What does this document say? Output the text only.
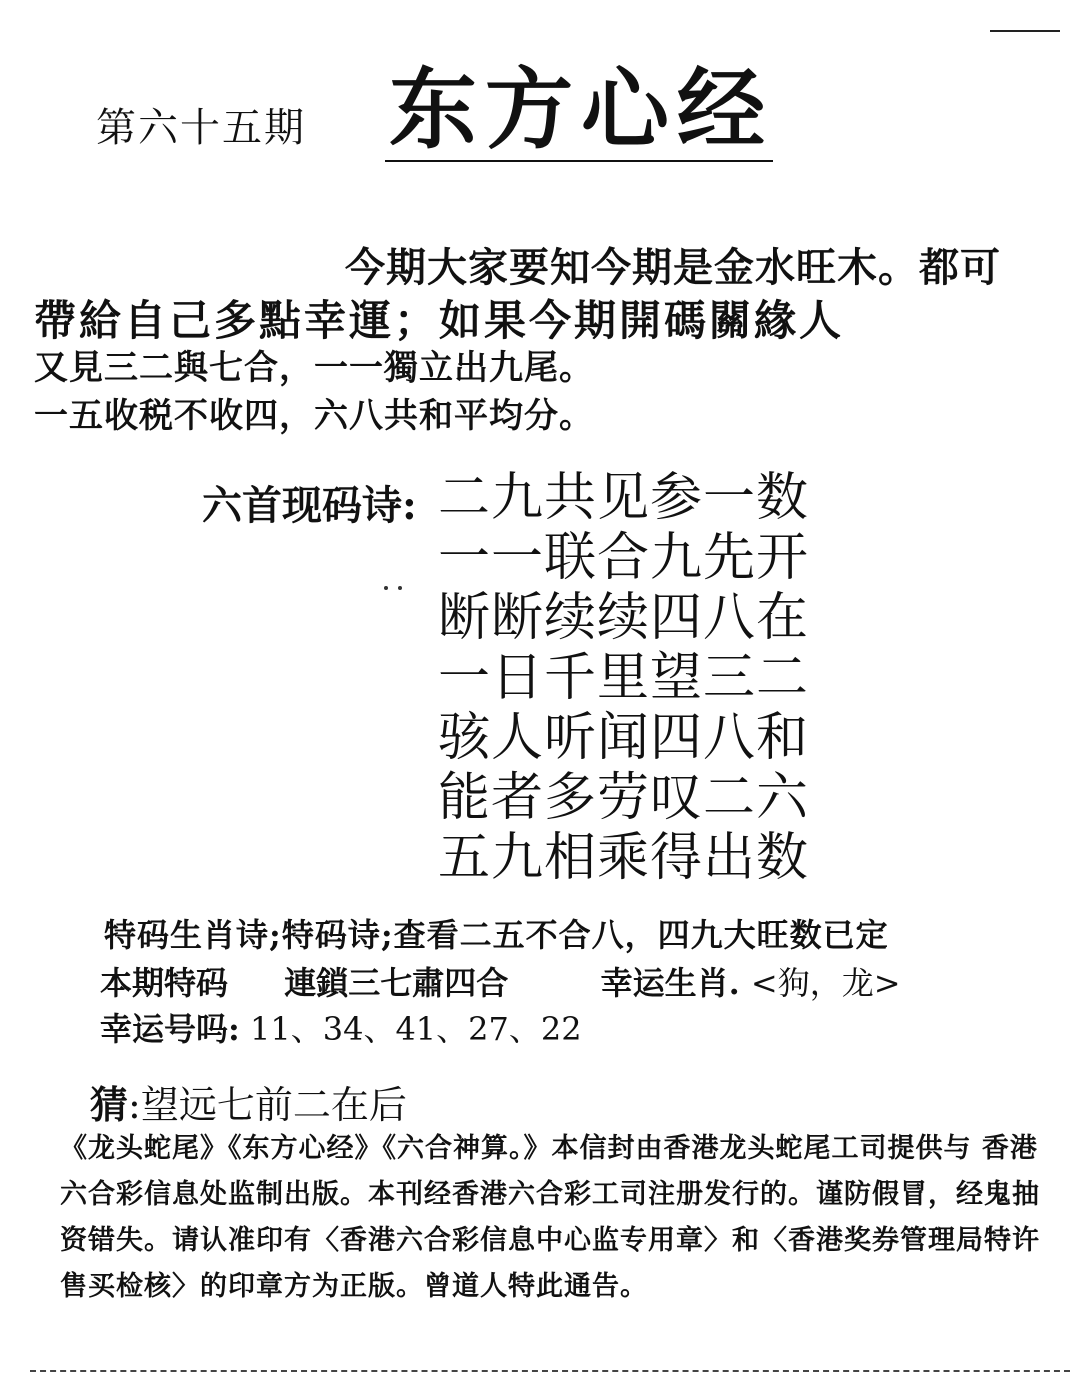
第六十五期 东方心经
今期大家要知今期是金水旺木。都可
帶給自己多點幸運；如果今期開碼關緣人
又見三二與七合，一一獨立出九尾。
一五收税不收四，六八共和平均分。
六首现码诗: 二九共见参一数
一一联合九先开
断断续续四八在
一日千里望三二
骇人听闻四八和
能者多劳叹二六
五九相乘得出数
特码生肖诗;特码诗;查看二五不合八，四九大旺数已定
本期特码 連鎖三七肅四合	幸运生肖. <狗，龙>
幸运号吗: 11、34、41、27、22
猜:望远七前二在后
《龙头蛇尾》《东方心经》《六合神算。》本信封由香港龙头蛇尾工司提供与 香港六合彩信息处监制出版。本刊经香港六合彩工司注册发行的。谨防假冒，经鬼抽资错失。请认准印有〈香港六合彩信息中心监专用章〉和〈香港奖券管理局特许售买检核〉的印章方为正版。曾道人特此通告。
